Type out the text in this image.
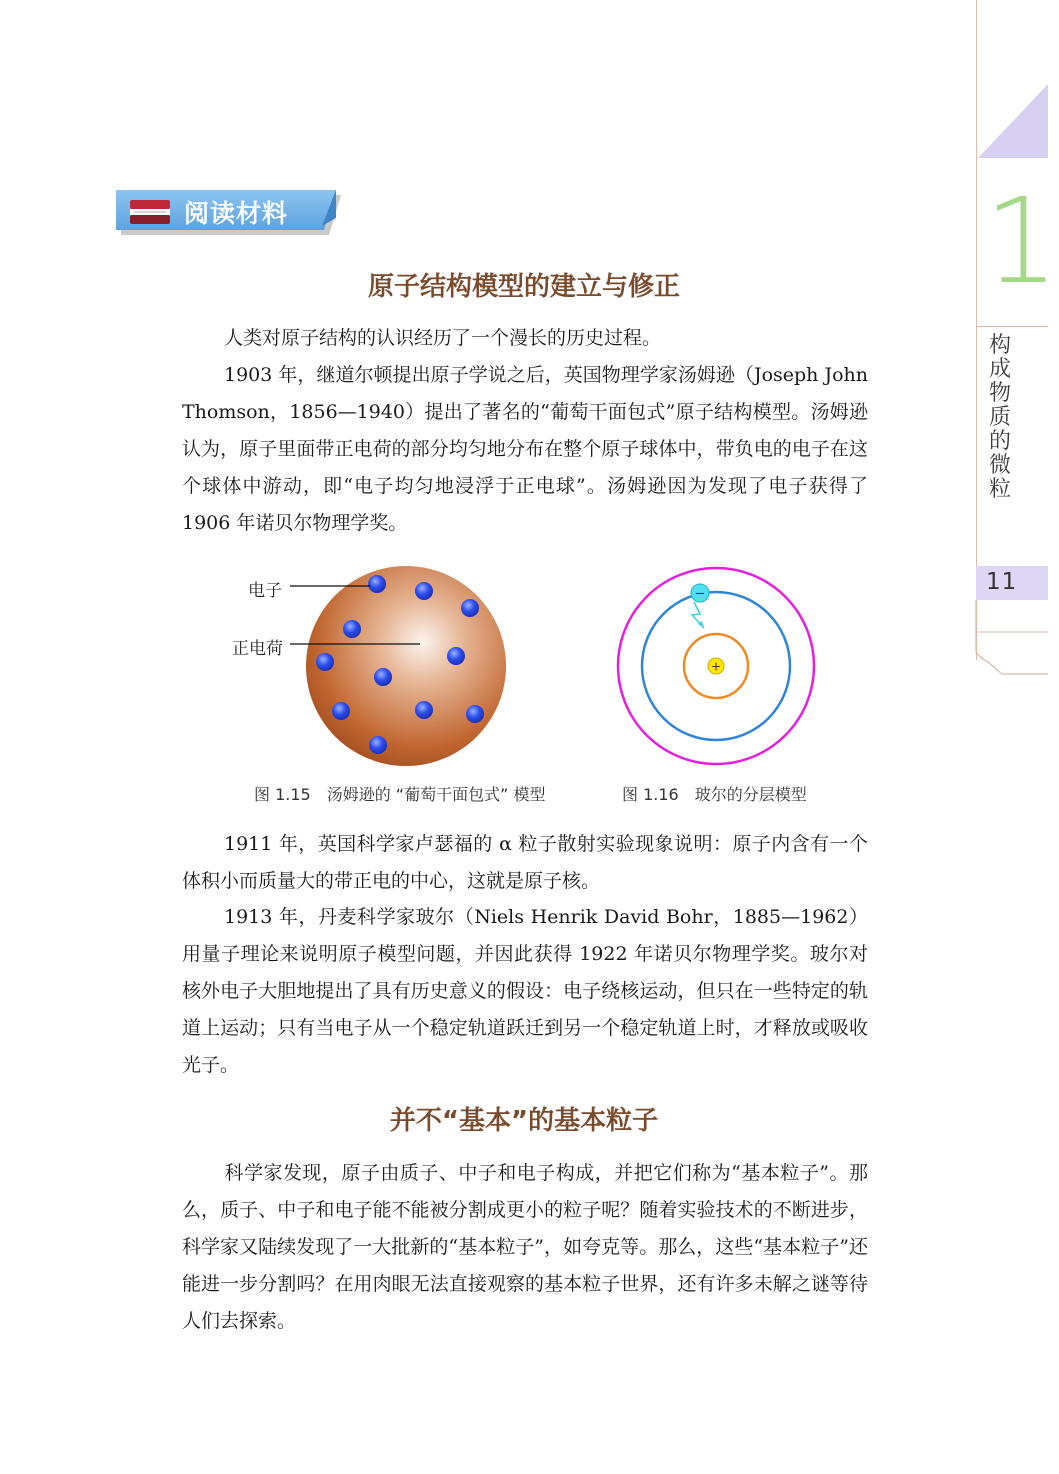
1
构
成
物
质
的
微
粒
11
阅读材料
原子结构模型的建立与修正

人类对原子结构的认识经历了一个漫长的历史过程。

1903 年，继道尔顿提出原子学说之后，英国物理学家汤姆逊（Joseph John Thomson，1856—1940）提出了著名的“葡萄干面包式”原子结构模型。汤姆逊认为，原子里面带正电荷的部分均匀地分布在整个原子球体中，带负电的电子在这个球体中游动，即“电子均匀地浸浮于正电球”。汤姆逊因为发现了电子获得了 1906 年诺贝尔物理学奖。

电子
正电荷
图 1.15　汤姆逊的 “葡萄干面包式” 模型
+
−
图 1.16　玻尔的分层模型

1911 年，英国科学家卢瑟福的 α 粒子散射实验现象说明：原子内含有一个体积小而质量大的带正电的中心，这就是原子核。

1913 年，丹麦科学家玻尔（Niels Henrik David Bohr，1885—1962）用量子理论来说明原子模型问题，并因此获得 1922 年诺贝尔物理学奖。玻尔对核外电子大胆地提出了具有历史意义的假设：电子绕核运动，但只在一些特定的轨道上运动；只有当电子从一个稳定轨道跃迁到另一个稳定轨道上时，才释放或吸收光子。

并不“基本”的基本粒子

科学家发现，原子由质子、中子和电子构成，并把它们称为“基本粒子”。那么，质子、中子和电子能不能被分割成更小的粒子呢？随着实验技术的不断进步，科学家又陆续发现了一大批新的“基本粒子”，如夸克等。那么，这些“基本粒子”还能进一步分割吗？在用肉眼无法直接观察的基本粒子世界，还有许多未解之谜等待人们去探索。
